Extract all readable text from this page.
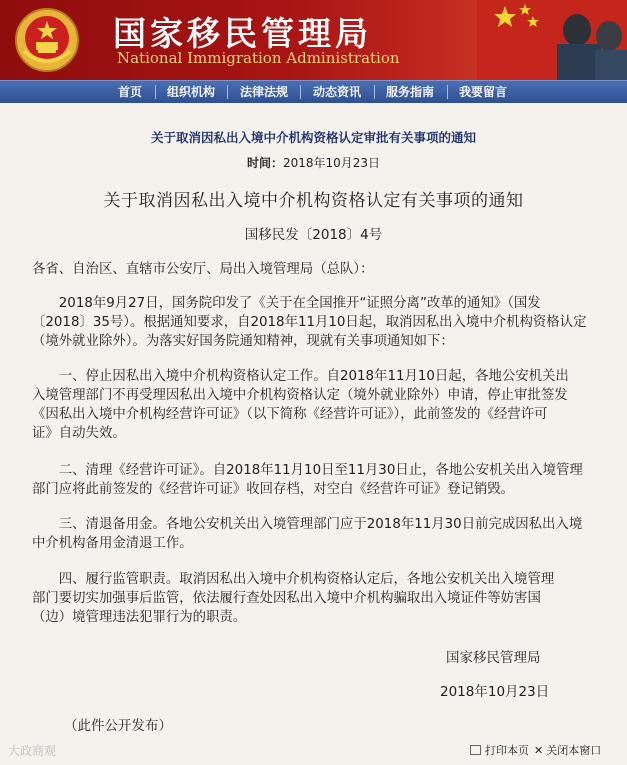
国家移民管理局
National Immigration Administration
首页	组织机构	法律法规	动态资讯	服务指南	我要留言
关于取消因私出入境中介机构资格认定审批有关事项的通知
时间：2018年10月23日
关于取消因私出入境中介机构资格认定有关事项的通知
国移民发〔2018〕4号
各省、自治区、直辖市公安厅、局出入境管理局（总队）：
　　2018年9月27日，国务院印发了《关于在全国推开“证照分离”改革的通知》（国发
〔2018〕35号）。根据通知要求，自2018年11月10日起，取消因私出入境中介机构资格认定
（境外就业除外）。为落实好国务院通知精神，现就有关事项通知如下：
　　一、停止因私出入境中介机构资格认定工作。自2018年11月10日起，各地公安机关出
入境管理部门不再受理因私出入境中介机构资格认定（境外就业除外）申请，停止审批签发
《因私出入境中介机构经营许可证》（以下简称《经营许可证》），此前签发的《经营许可
证》自动失效。
　　二、清理《经营许可证》。自2018年11月10日至11月30日止，各地公安机关出入境管理
部门应将此前签发的《经营许可证》收回存档，对空白《经营许可证》登记销毁。
　　三、清退备用金。各地公安机关出入境管理部门应于2018年11月30日前完成因私出入境
中介机构备用金清退工作。
　　四、履行监管职责。取消因私出入境中介机构资格认定后，各地公安机关出入境管理
部门要切实加强事后监管，依法履行查处因私出入境中介机构骗取出入境证件等妨害国
（边）境管理违法犯罪行为的职责。
国家移民管理局
2018年10月23日
（此件公开发布）
大政商观	打印本页 ✕ 关闭本窗口
